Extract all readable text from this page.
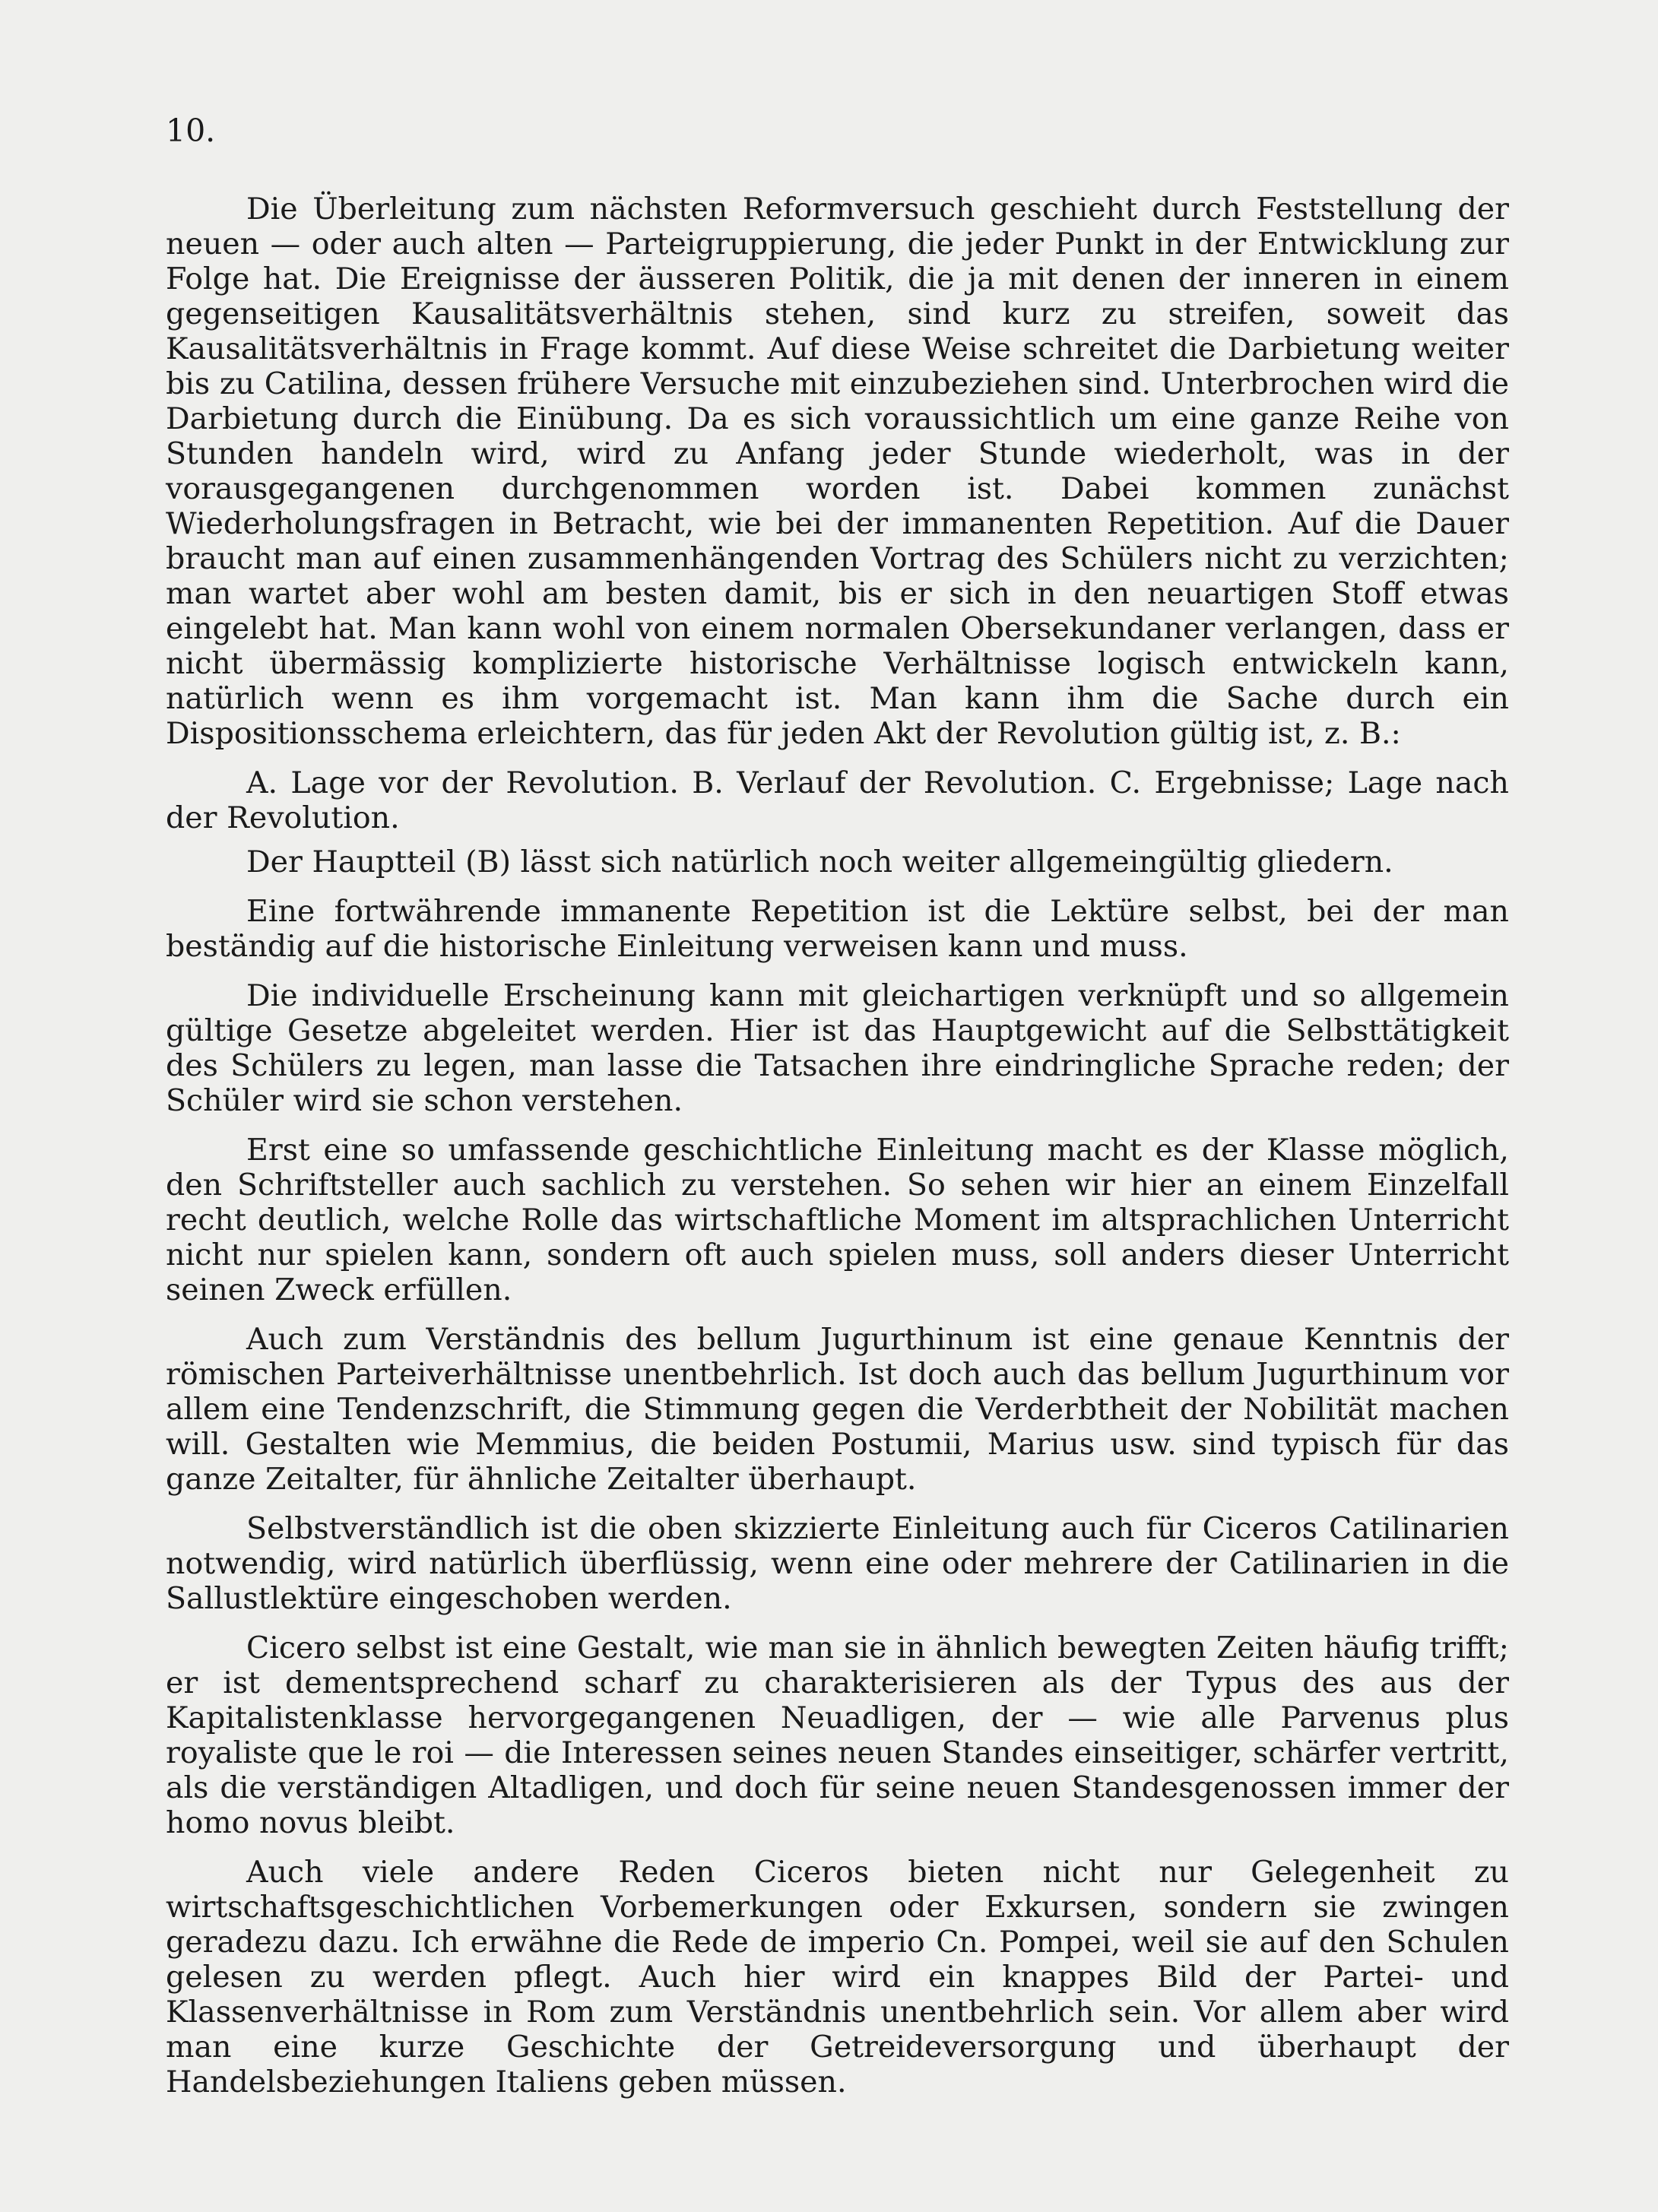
10.

Die Überleitung zum nächsten Reformversuch geschieht durch Feststellung der neuen — oder auch alten — Parteigruppierung, die jeder Punkt in der Entwicklung zur Folge hat. Die Ereignisse der äusseren Politik, die ja mit denen der inneren in einem gegenseitigen Kausalitätsverhältnis stehen, sind kurz zu streifen, soweit das Kausalitätsverhältnis in Frage kommt. Auf diese Weise schreitet die Darbietung weiter bis zu Catilina, dessen frühere Versuche mit einzubeziehen sind. Unterbrochen wird die Darbietung durch die Einübung. Da es sich voraussichtlich um eine ganze Reihe von Stunden handeln wird, wird zu Anfang jeder Stunde wiederholt, was in der vorausgegangenen durchgenommen worden ist. Dabei kommen zunächst Wiederholungsfragen in Betracht, wie bei der immanenten Repetition. Auf die Dauer braucht man auf einen zusammenhängenden Vortrag des Schülers nicht zu verzichten; man wartet aber wohl am besten damit, bis er sich in den neuartigen Stoff etwas eingelebt hat. Man kann wohl von einem normalen Obersekundaner verlangen, dass er nicht übermässig komplizierte historische Verhältnisse logisch entwickeln kann, natürlich wenn es ihm vorgemacht ist. Man kann ihm die Sache durch ein Dispositionsschema erleichtern, das für jeden Akt der Revolution gültig ist, z. B.:

A. Lage vor der Revolution. B. Verlauf der Revolution. C. Ergebnisse; Lage nach der Revolution.

Der Hauptteil (B) lässt sich natürlich noch weiter allgemeingültig gliedern.

Eine fortwährende immanente Repetition ist die Lektüre selbst, bei der man beständig auf die historische Einleitung verweisen kann und muss.

Die individuelle Erscheinung kann mit gleichartigen verknüpft und so allgemein gültige Gesetze abgeleitet werden. Hier ist das Hauptgewicht auf die Selbsttätigkeit des Schülers zu legen, man lasse die Tatsachen ihre eindringliche Sprache reden; der Schüler wird sie schon verstehen.

Erst eine so umfassende geschichtliche Einleitung macht es der Klasse möglich, den Schriftsteller auch sachlich zu verstehen. So sehen wir hier an einem Einzelfall recht deutlich, welche Rolle das wirtschaftliche Moment im altsprachlichen Unterricht nicht nur spielen kann, sondern oft auch spielen muss, soll anders dieser Unterricht seinen Zweck erfüllen.

Auch zum Verständnis des bellum Jugurthinum ist eine genaue Kenntnis der römischen Parteiverhältnisse unentbehrlich. Ist doch auch das bellum Jugurthinum vor allem eine Tendenzschrift, die Stimmung gegen die Verderbtheit der Nobilität machen will. Gestalten wie Memmius, die beiden Postumii, Marius usw. sind typisch für das ganze Zeitalter, für ähnliche Zeitalter überhaupt.

Selbstverständlich ist die oben skizzierte Einleitung auch für Ciceros Catilinarien notwendig, wird natürlich überflüssig, wenn eine oder mehrere der Catilinarien in die Sallustlektüre eingeschoben werden.

Cicero selbst ist eine Gestalt, wie man sie in ähnlich bewegten Zeiten häufig trifft; er ist dementsprechend scharf zu charakterisieren als der Typus des aus der Kapitalistenklasse hervorgegangenen Neuadligen, der — wie alle Parvenus plus royaliste que le roi — die Interessen seines neuen Standes einseitiger, schärfer vertritt, als die verständigen Altadligen, und doch für seine neuen Standesgenossen immer der homo novus bleibt.

Auch viele andere Reden Ciceros bieten nicht nur Gelegenheit zu wirtschaftsgeschichtlichen Vorbemerkungen oder Exkursen, sondern sie zwingen geradezu dazu. Ich erwähne die Rede de imperio Cn. Pompei, weil sie auf den Schulen gelesen zu werden pflegt. Auch hier wird ein knappes Bild der Partei- und Klassenverhältnisse in Rom zum Verständnis unentbehrlich sein. Vor allem aber wird man eine kurze Geschichte der Getreideversorgung und überhaupt der Handelsbeziehungen Italiens geben müssen.
